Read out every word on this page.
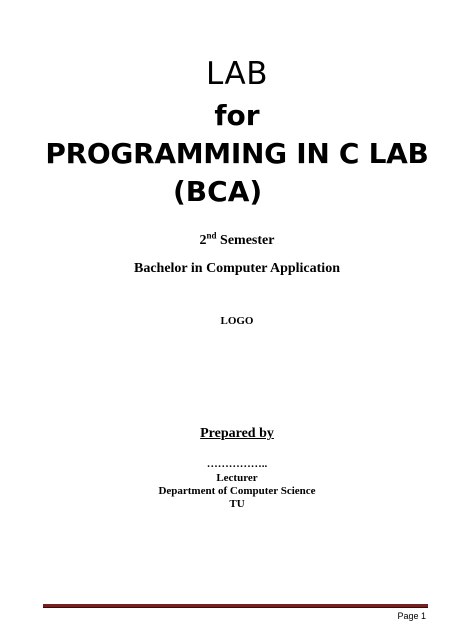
LAB
for
PROGRAMMING IN C LAB
(BCA)
2nd Semester
Bachelor in Computer Application
LOGO
Prepared by
……………..
Lecturer
Department of Computer Science
TU
Page 1
